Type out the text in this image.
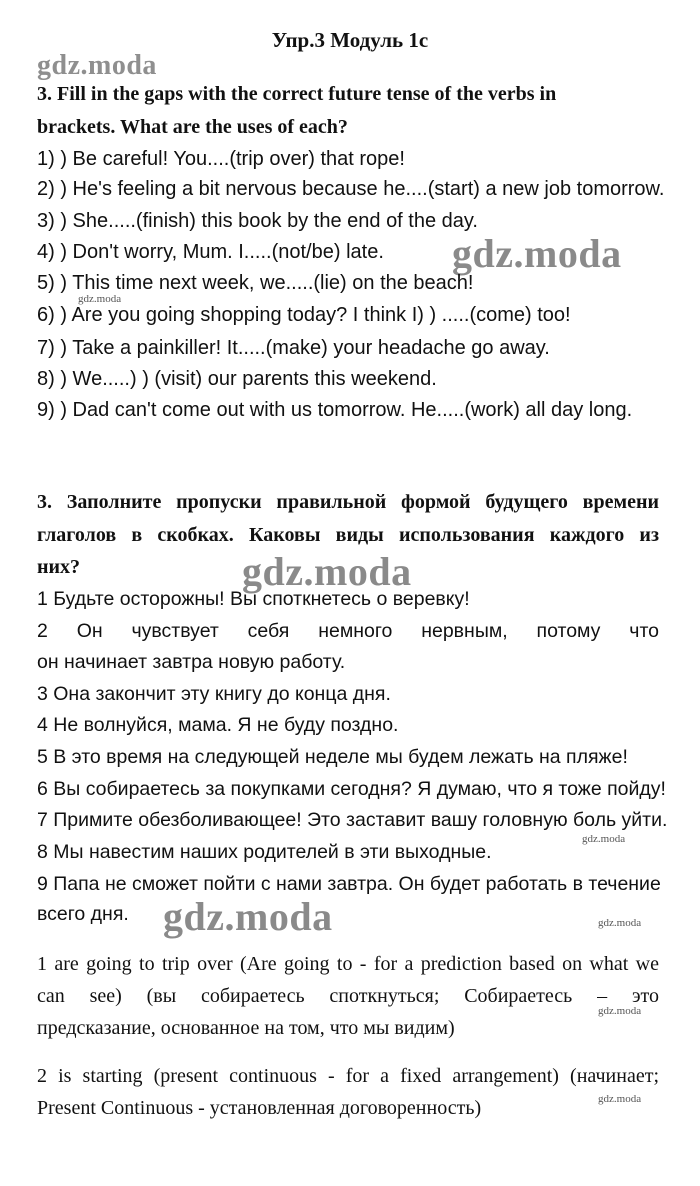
Упр.3 Модуль 1с
gdz.moda
gdz.moda
gdz.moda
gdz.moda
gdz.moda
gdz.moda	gdz.moda
gdz.moda
gdz.moda
3. Fill in the gaps with the correct future tense of the verbs in
brackets. What are the uses of each?
1) ) Be careful! You....(trip over) that rope!
2) ) He's feeling a bit nervous because he....(start) a new job tomorrow.
3) ) She.....(finish) this book by the end of the day.
4) ) Don't worry, Mum. I.....(not/be) late.
5) ) This time next week, we.....(lie) on the beach!
6) ) Are you going shopping today? I think I) ) .....(come) too!
7) ) Take a painkiller! It.....(make) your headache go away.
8) ) We.....) ) (visit) our parents this weekend.
9) ) Dad can't come out with us tomorrow. He.....(work) all day long.
3. Заполните пропуски правильной формой будущего времени
глаголов в скобках. Каковы виды использования каждого из
них?
1 Будьте осторожны! Вы споткнетесь о веревку!
2 Он чувствует себя немного нервным, потому что
он начинает завтра новую работу.
3 Она закончит эту книгу до конца дня.
4 Не волнуйся, мама. Я не буду поздно.
5 В это время на следующей неделе мы будем лежать на пляже!
6 Вы собираетесь за покупками сегодня? Я думаю, что я тоже пойду!
7 Примите обезболивающее! Это заставит вашу головную боль уйти.
8 Мы навестим наших родителей в эти выходные.
9 Папа не сможет пойти с нами завтра. Он будет работать в течение
всего дня.
1 are going to trip over (Are going to - for a prediction based on what we
can see) (вы собираетесь споткнуться; Собираетесь – это
предсказание, основанное на том, что мы видим)
2 is starting (present continuous - for a fixed arrangement) (начинает;
Present Continuous - установленная договоренность)
